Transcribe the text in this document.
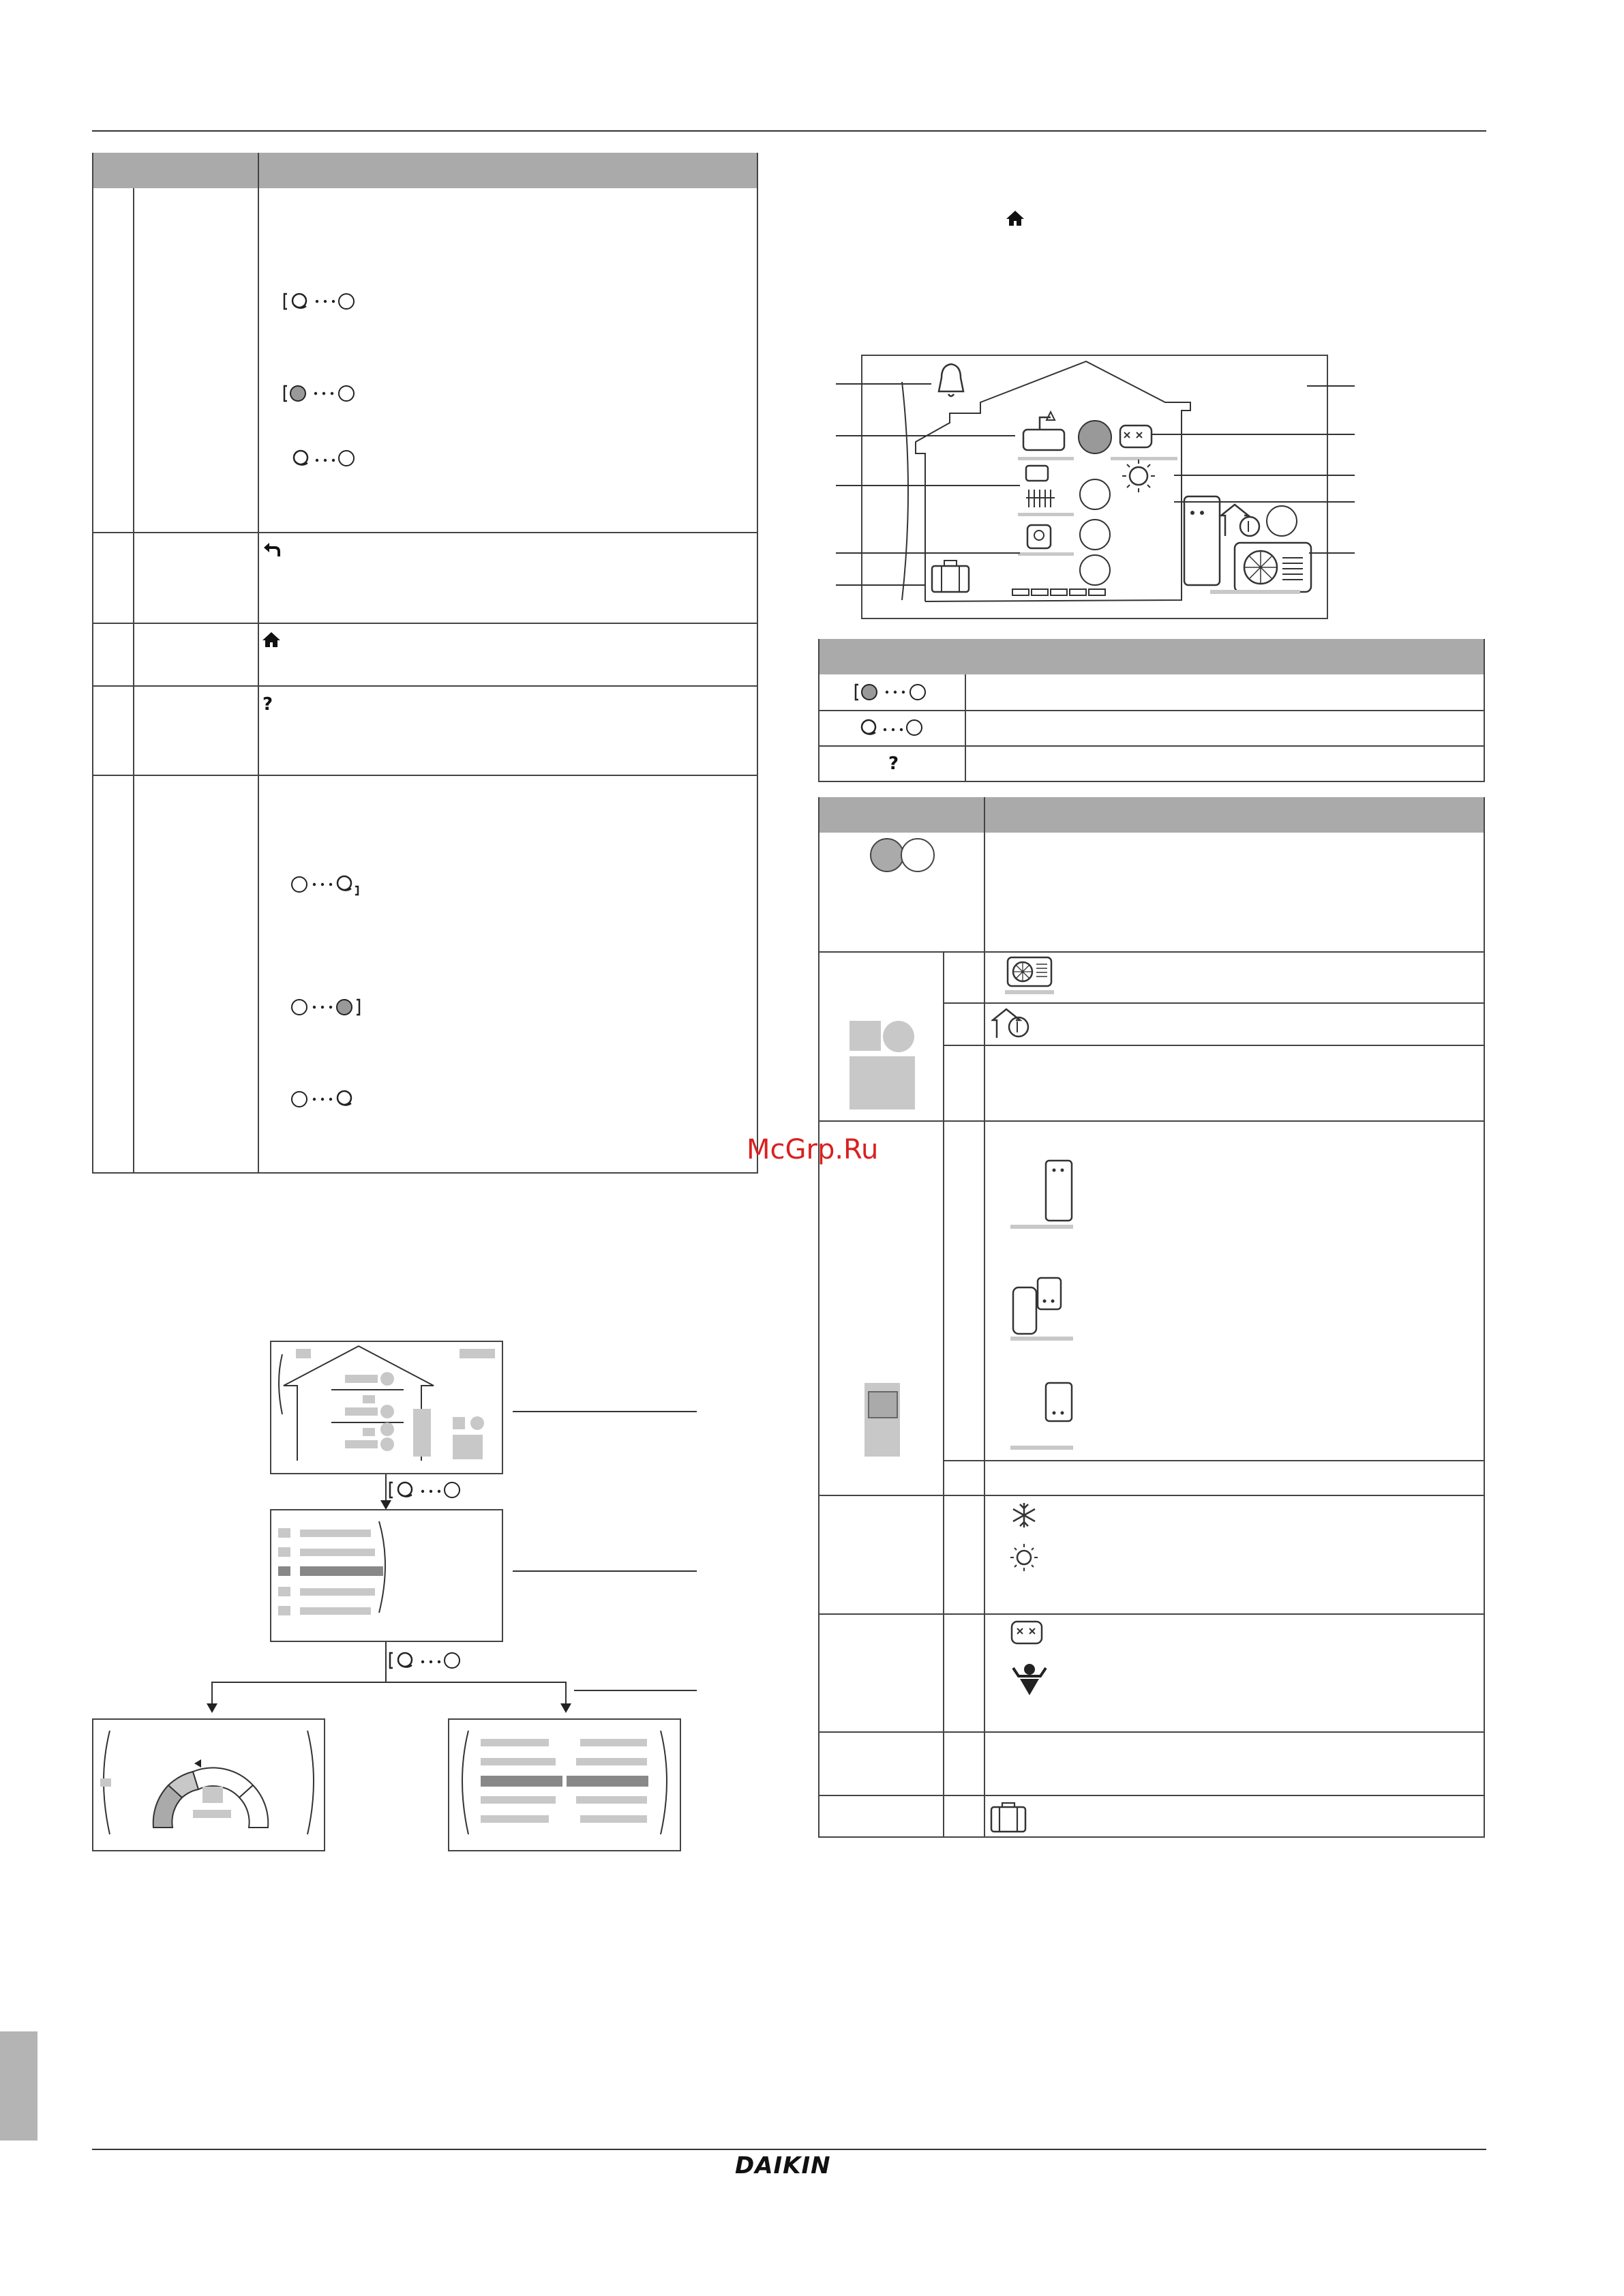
?
?
McGrp.Ru
DAIKIN
